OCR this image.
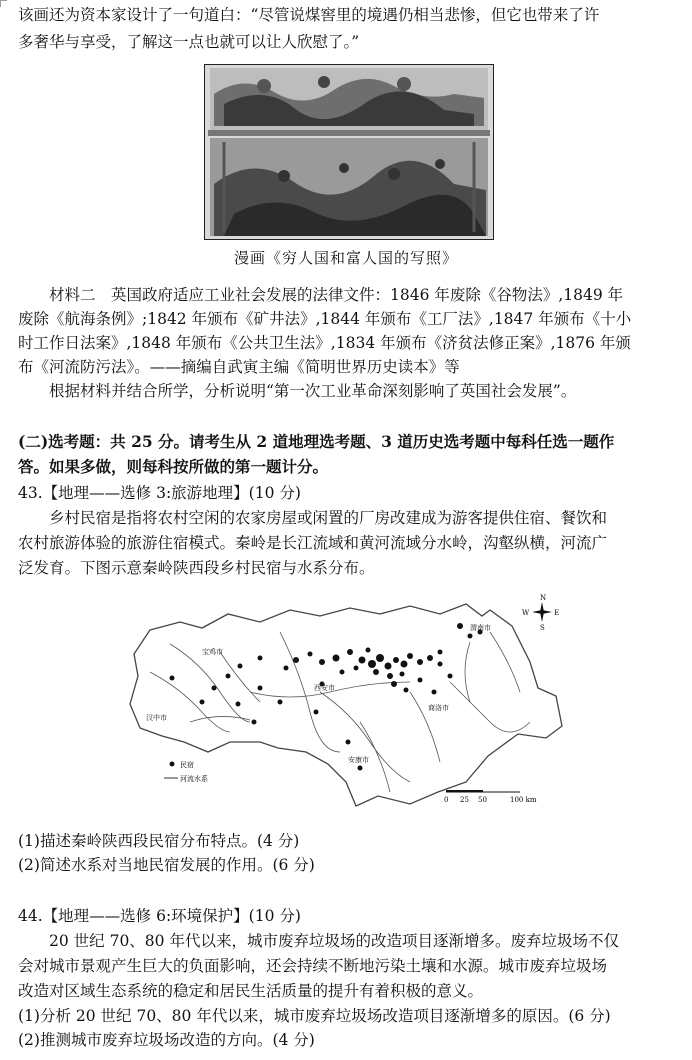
该画还为资本家设计了一句道白：“尽管说煤窖里的境遇仍相当悲惨，但它也带来了许
多奢华与享受，了解这一点也就可以让人欣慰了。”
漫画《穷人国和富人国的写照》
材料二　英国政府适应工业社会发展的法律文件：1846 年废除《谷物法》,1849 年
废除《航海条例》;1842 年颁布《矿井法》,1844 年颁布《工厂法》,1847 年颁布《十小
时工作日法案》,1848 年颁布《公共卫生法》,1834 年颁布《济贫法修正案》,1876 年颁
布《河流防污法》。——摘编自武寅主编《简明世界历史读本》等
根据材料并结合所学，分析说明“第一次工业革命深刻影响了英国社会发展”。
(二)选考题：共 25 分。请考生从 2 道地理选考题、3 道历史选考题中每科任选一题作
答。如果多做，则每科按所做的第一题计分。
43.【地理——选修 3:旅游地理】(10 分)
乡村民宿是指将农村空闲的农家房屋或闲置的厂房改建成为游客提供住宿、餐饮和
农村旅游体验的旅游住宿模式。秦岭是长江流域和黄河流域分水岭，沟壑纵横，河流广
泛发育。下图示意秦岭陕西段乡村民宿与水系分布。
渭南市
宝鸡市
西安市
汉中市
商洛市
安康市
N
S
E
W
民宿
河流水系
0 25 50	100 km
(1)描述秦岭陕西段民宿分布特点。(4 分)
(2)简述水系对当地民宿发展的作用。(6 分)
44.【地理——选修 6:环境保护】(10 分)
20 世纪 70、80 年代以来，城市废弃垃圾场的改造项目逐渐增多。废弃垃圾场不仅
会对城市景观产生巨大的负面影响，还会持续不断地污染土壤和水源。城市废弃垃圾场
改造对区域生态系统的稳定和居民生活质量的提升有着积极的意义。
(1)分析 20 世纪 70、80 年代以来，城市废弃垃圾场改造项目逐渐增多的原因。(6 分)
(2)推测城市废弃垃圾场改造的方向。(4 分)
